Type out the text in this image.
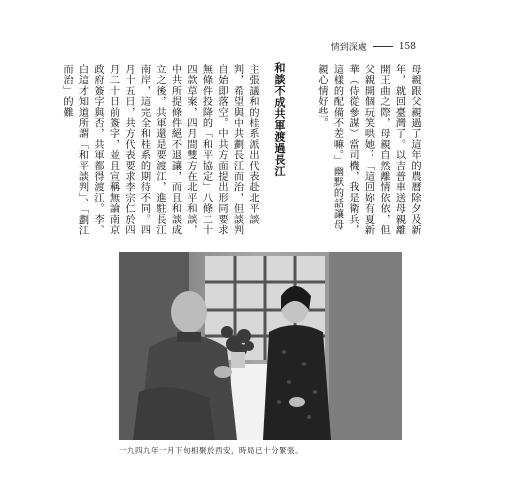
情到深處	158
母親跟父親過了這年的農曆除夕及新年，就回臺灣了。以吉普車送母親離開王曲之際，母親自然離情依依，但父親開個玩笑哄她：「這回妳有夏新華（侍從參謀）當司機，我是衛兵，這樣的配備不差嘛。」幽默的話讓母親心情好些。
和談不成共軍渡過長江
主張議和的桂系派出代表赴北平談判，希望與中共劃長江而治，但談判自始即落空。中共方面提出形同要求無條件投降的「和平協定」八條二十四款草案，四月間雙方在北平和談，中共所提條件絕不退讓，而且和談成立之後，共軍還是要渡江，進駐長江南岸，這完全和桂系的期待不同。四月十五日，共方代表要求李宗仁於四月二十日前簽字，並且宣稱無論南京政府簽字與否，共軍都得渡江。李、白這才知道所謂「和平談判」、「劃江而治」的難
一九四九年一月下旬相聚於西安，時局已十分緊張。
